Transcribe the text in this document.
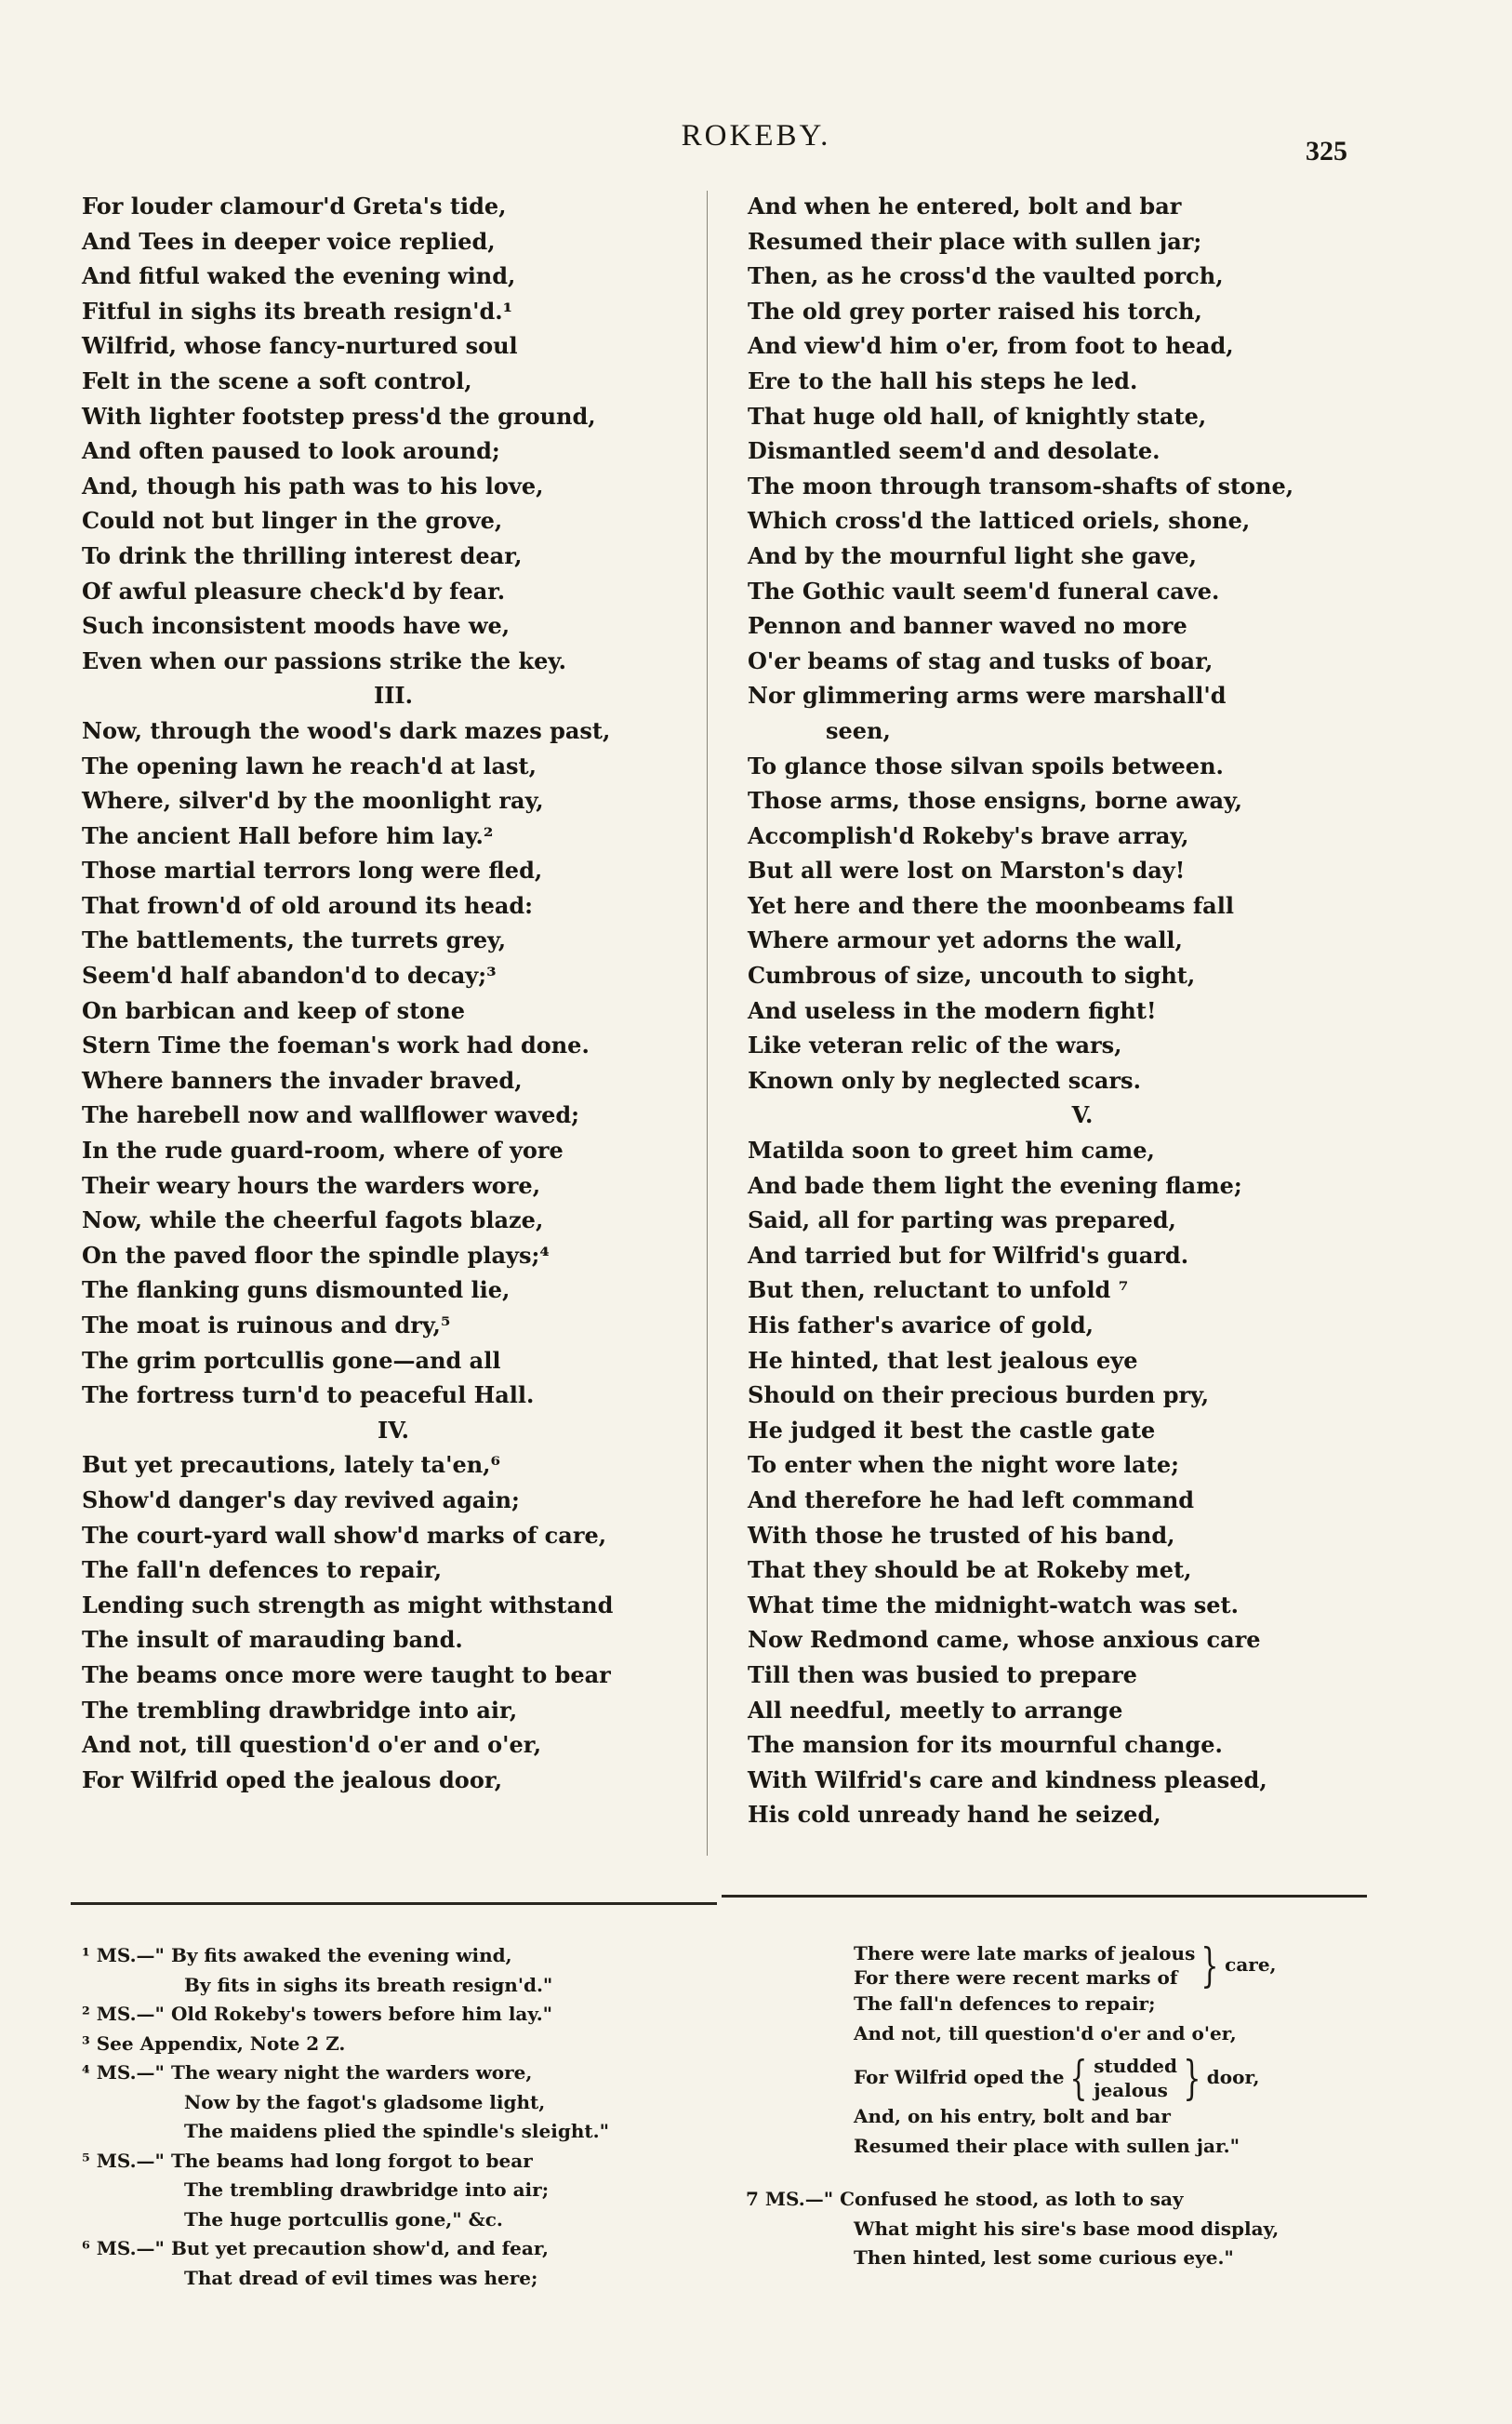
ROKEBY.	325
For louder clamour'd Greta's tide,
And Tees in deeper voice replied,
And fitful waked the evening wind,
Fitful in sighs its breath resign'd.¹
Wilfrid, whose fancy-nurtured soul
Felt in the scene a soft control,
With lighter footstep press'd the ground,
And often paused to look around;
And, though his path was to his love,
Could not but linger in the grove,
To drink the thrilling interest dear,
Of awful pleasure check'd by fear.
Such inconsistent moods have we,
Even when our passions strike the key.
III.
Now, through the wood's dark mazes past,
The opening lawn he reach'd at last,
Where, silver'd by the moonlight ray,
The ancient Hall before him lay.²
Those martial terrors long were fled,
That frown'd of old around its head:
The battlements, the turrets grey,
Seem'd half abandon'd to decay;³
On barbican and keep of stone
Stern Time the foeman's work had done.
Where banners the invader braved,
The harebell now and wallflower waved;
In the rude guard-room, where of yore
Their weary hours the warders wore,
Now, while the cheerful fagots blaze,
On the paved floor the spindle plays;⁴
The flanking guns dismounted lie,
The moat is ruinous and dry,⁵
The grim portcullis gone—and all
The fortress turn'd to peaceful Hall.
IV.
But yet precautions, lately ta'en,⁶
Show'd danger's day revived again;
The court-yard wall show'd marks of care,
The fall'n defences to repair,
Lending such strength as might withstand
The insult of marauding band.
The beams once more were taught to bear
The trembling drawbridge into air,
And not, till question'd o'er and o'er,
For Wilfrid oped the jealous door,
And when he entered, bolt and bar
Resumed their place with sullen jar;
Then, as he cross'd the vaulted porch,
The old grey porter raised his torch,
And view'd him o'er, from foot to head,
Ere to the hall his steps he led.
That huge old hall, of knightly state,
Dismantled seem'd and desolate.
The moon through transom-shafts of stone,
Which cross'd the latticed oriels, shone,
And by the mournful light she gave,
The Gothic vault seem'd funeral cave.
Pennon and banner waved no more
O'er beams of stag and tusks of boar,
Nor glimmering arms were marshall'd
seen,
To glance those silvan spoils between.
Those arms, those ensigns, borne away,
Accomplish'd Rokeby's brave array,
But all were lost on Marston's day!
Yet here and there the moonbeams fall
Where armour yet adorns the wall,
Cumbrous of size, uncouth to sight,
And useless in the modern fight!
Like veteran relic of the wars,
Known only by neglected scars.
V.
Matilda soon to greet him came,
And bade them light the evening flame;
Said, all for parting was prepared,
And tarried but for Wilfrid's guard.
But then, reluctant to unfold ⁷
His father's avarice of gold,
He hinted, that lest jealous eye
Should on their precious burden pry,
He judged it best the castle gate
To enter when the night wore late;
And therefore he had left command
With those he trusted of his band,
That they should be at Rokeby met,
What time the midnight-watch was set.
Now Redmond came, whose anxious care
Till then was busied to prepare
All needful, meetly to arrange
The mansion for its mournful change.
With Wilfrid's care and kindness pleased,
His cold unready hand he seized,
¹ MS.—" By fits awaked the evening wind,
By fits in sighs its breath resign'd."
² MS.—" Old Rokeby's towers before him lay."
³ See Appendix, Note 2 Z.
⁴ MS.—" The weary night the warders wore,
Now by the fagot's gladsome light,
The maidens plied the spindle's sleight."
⁵ MS.—" The beams had long forgot to bear
The trembling drawbridge into air;
The huge portcullis gone," &c.
⁶ MS.—" But yet precaution show'd, and fear,
That dread of evil times was here;
There were late marks of jealous
For there were recent marks of } care,
The fall'n defences to repair;
And not, till question'd o'er and o'er,
For Wilfrid oped the { studded
jealous } door,
And, on his entry, bolt and bar
Resumed their place with sullen jar."
7 MS.—" Confused he stood, as loth to say
What might his sire's base mood display,
Then hinted, lest some curious eye."
